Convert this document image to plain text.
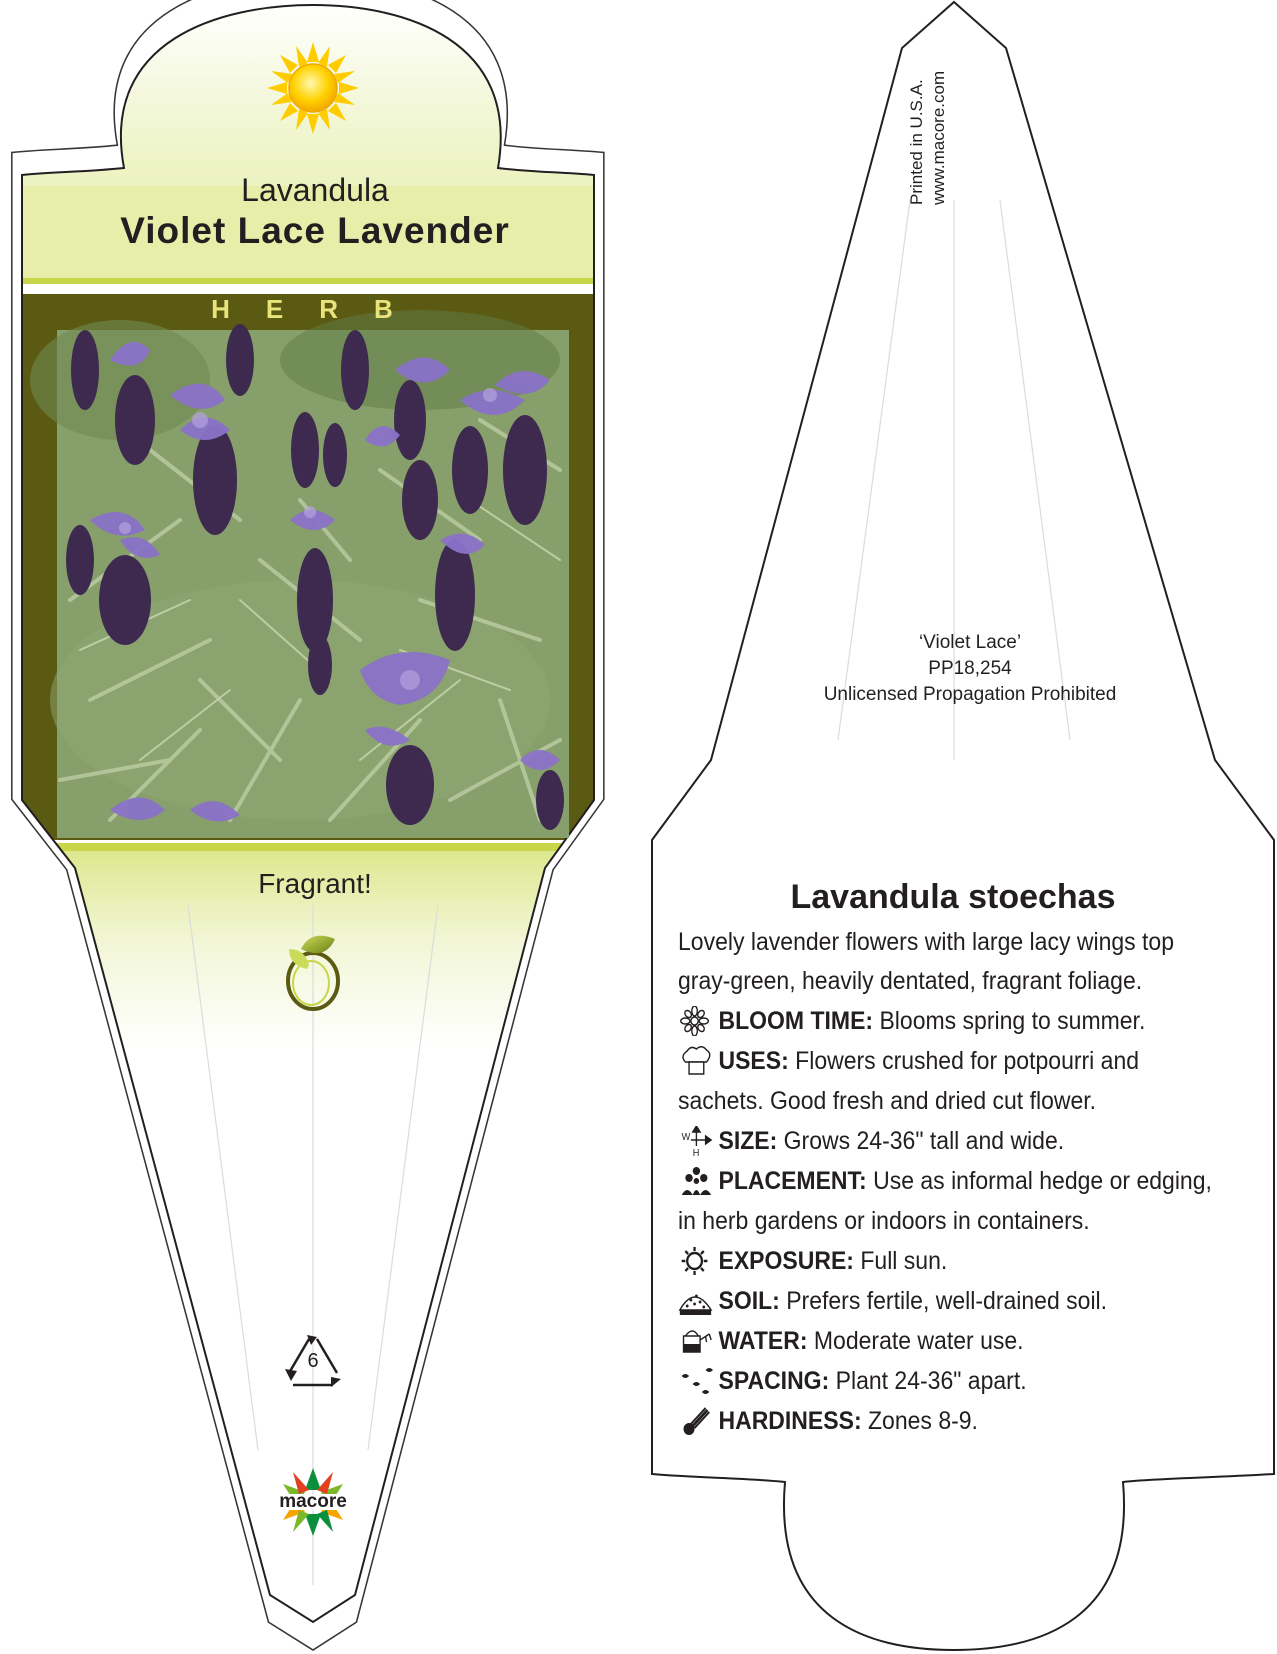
Lavandula
Violet Lace Lavender
HERB
Fragrant!
6
macore
Printed in U.S.A. www.macore.com
‘Violet Lace’
PP18,254
Unlicensed Propagation Prohibited
Lavandula stoechas

Lovely lavender flowers with large lacy wings top gray-green, heavily dentated, fragrant foliage.

BLOOM TIME: Blooms spring to summer.
USES: Flowers crushed for potpourri and sachets. Good fresh and dried cut flower.
W
H SIZE: Grows 24-36" tall and wide.
PLACEMENT: Use as informal hedge or edging, in herb gardens or indoors in containers.
EXPOSURE: Full sun.
SOIL: Prefers fertile, well-drained soil.
WATER: Moderate water use.
SPACING: Plant 24-36" apart.
HARDINESS: Zones 8-9.
